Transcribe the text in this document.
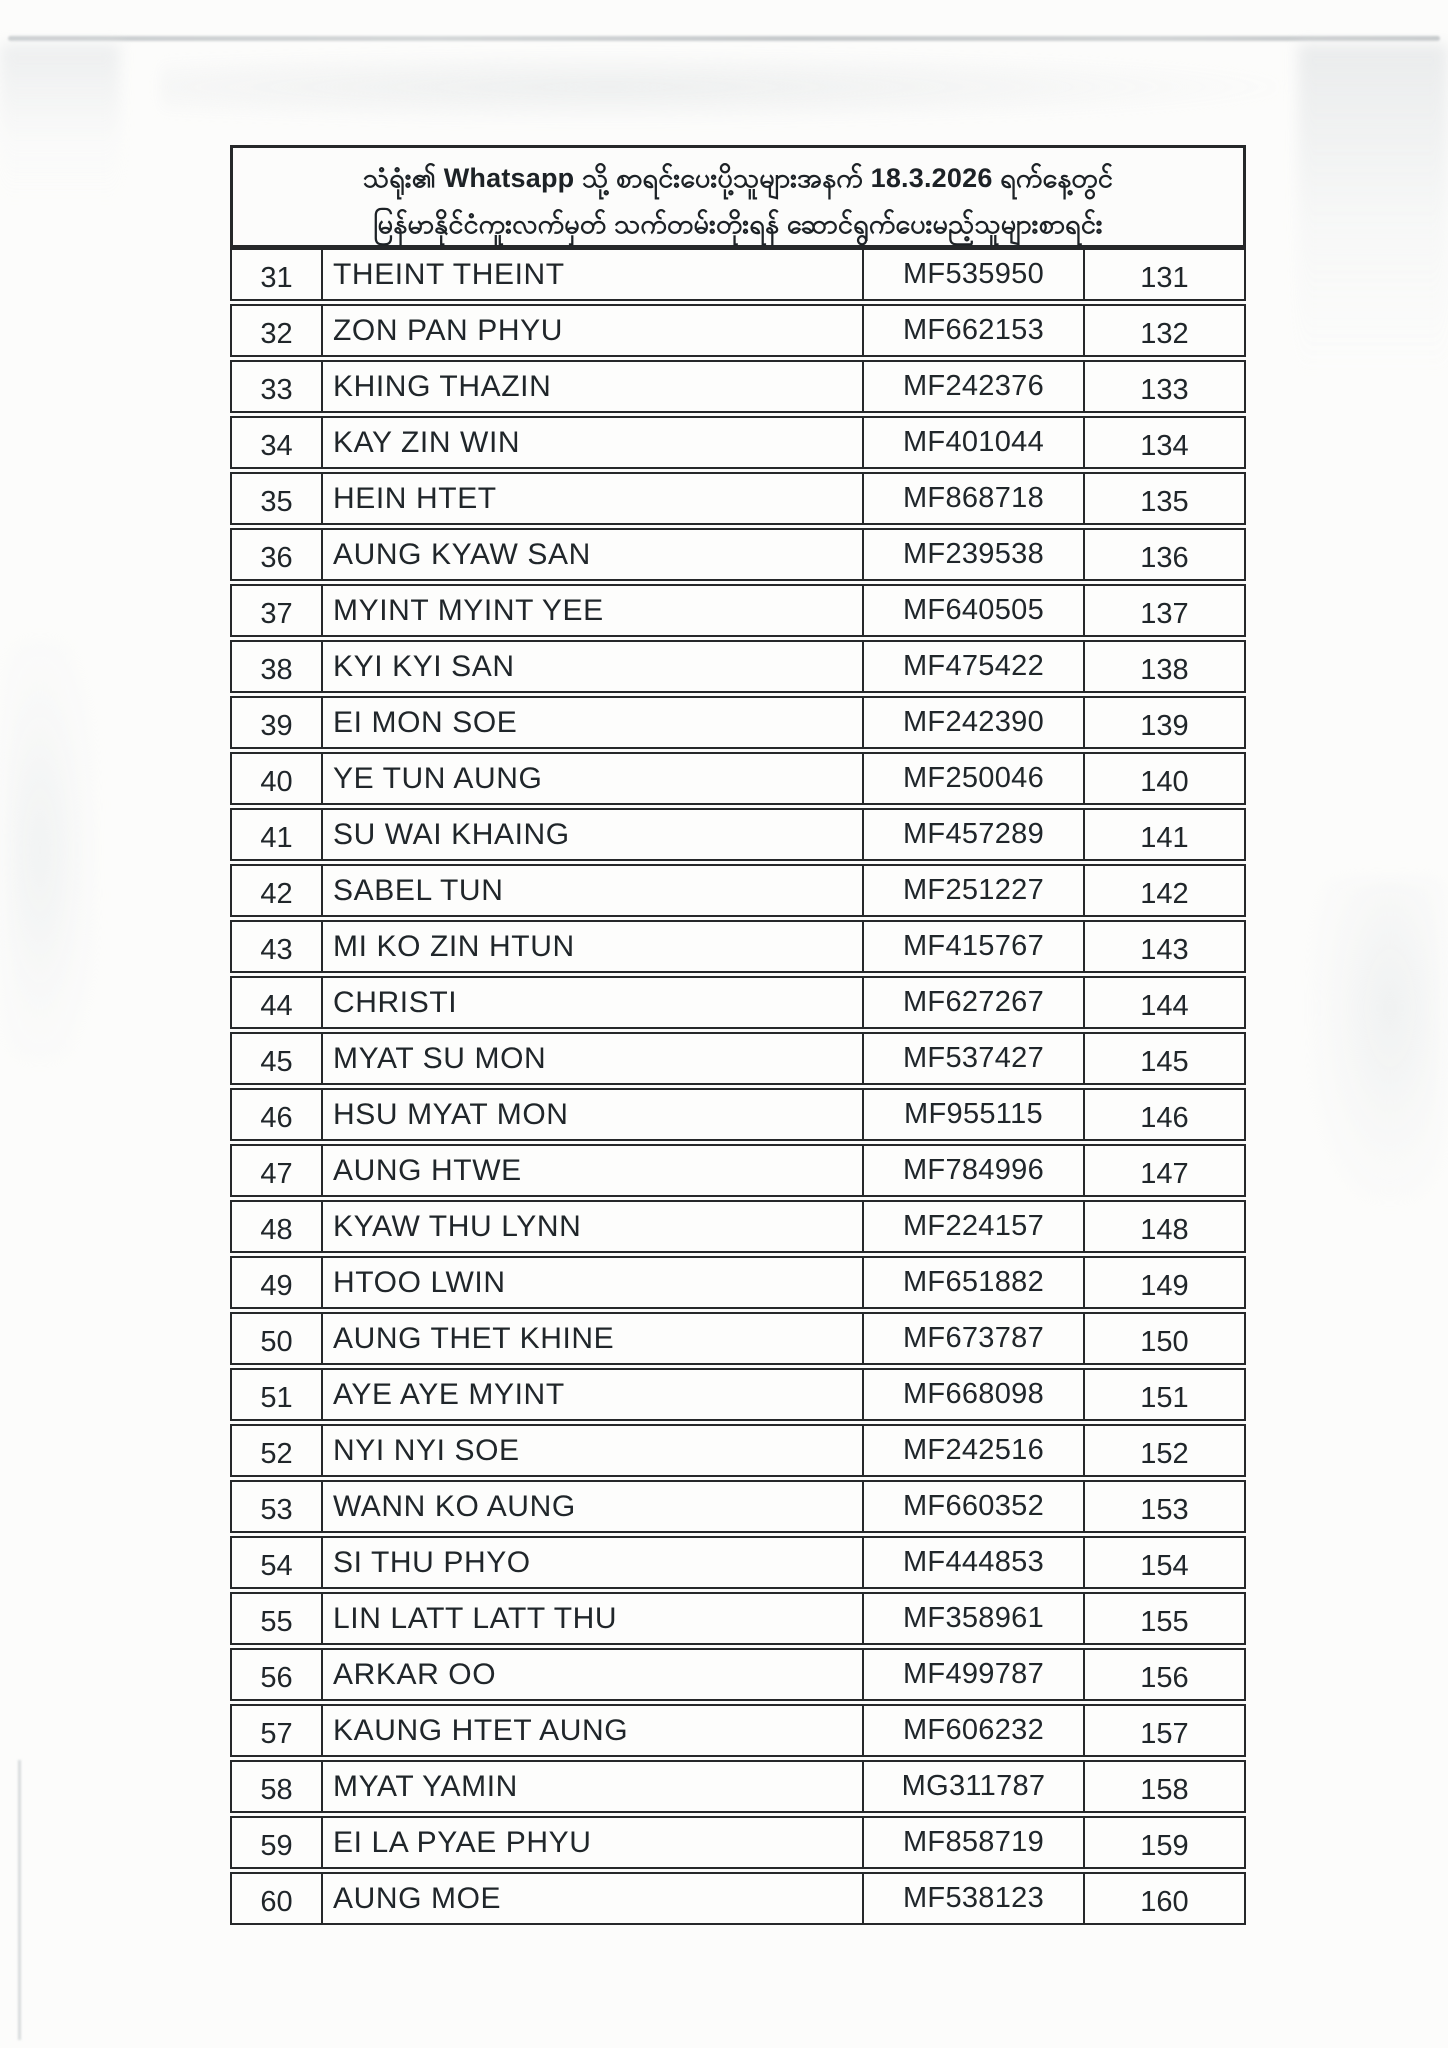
သံရုံး၏ Whatsapp သို့ စာရင်းပေးပို့သူများအနက် 18.3.2026 ရက်နေ့တွင်
မြန်မာနိုင်ငံကူးလက်မှတ် သက်တမ်းတိုးရန် ဆောင်ရွက်ပေးမည့်သူများစာရင်း
31	THEINT THEINT	MF535950	131
32	ZON PAN PHYU	MF662153	132
33	KHING THAZIN	MF242376	133
34	KAY ZIN WIN	MF401044	134
35	HEIN HTET	MF868718	135
36	AUNG KYAW SAN	MF239538	136
37	MYINT MYINT YEE	MF640505	137
38	KYI KYI SAN	MF475422	138
39	EI MON SOE	MF242390	139
40	YE TUN AUNG	MF250046	140
41	SU WAI KHAING	MF457289	141
42	SABEL TUN	MF251227	142
43	MI KO ZIN HTUN	MF415767	143
44	CHRISTI	MF627267	144
45	MYAT SU MON	MF537427	145
46	HSU MYAT MON	MF955115	146
47	AUNG HTWE	MF784996	147
48	KYAW THU LYNN	MF224157	148
49	HTOO LWIN	MF651882	149
50	AUNG THET KHINE	MF673787	150
51	AYE AYE MYINT	MF668098	151
52	NYI NYI SOE	MF242516	152
53	WANN KO AUNG	MF660352	153
54	SI THU PHYO	MF444853	154
55	LIN LATT LATT THU	MF358961	155
56	ARKAR OO	MF499787	156
57	KAUNG HTET AUNG	MF606232	157
58	MYAT YAMIN	MG311787	158
59	EI LA PYAE PHYU	MF858719	159
60	AUNG MOE	MF538123	160
